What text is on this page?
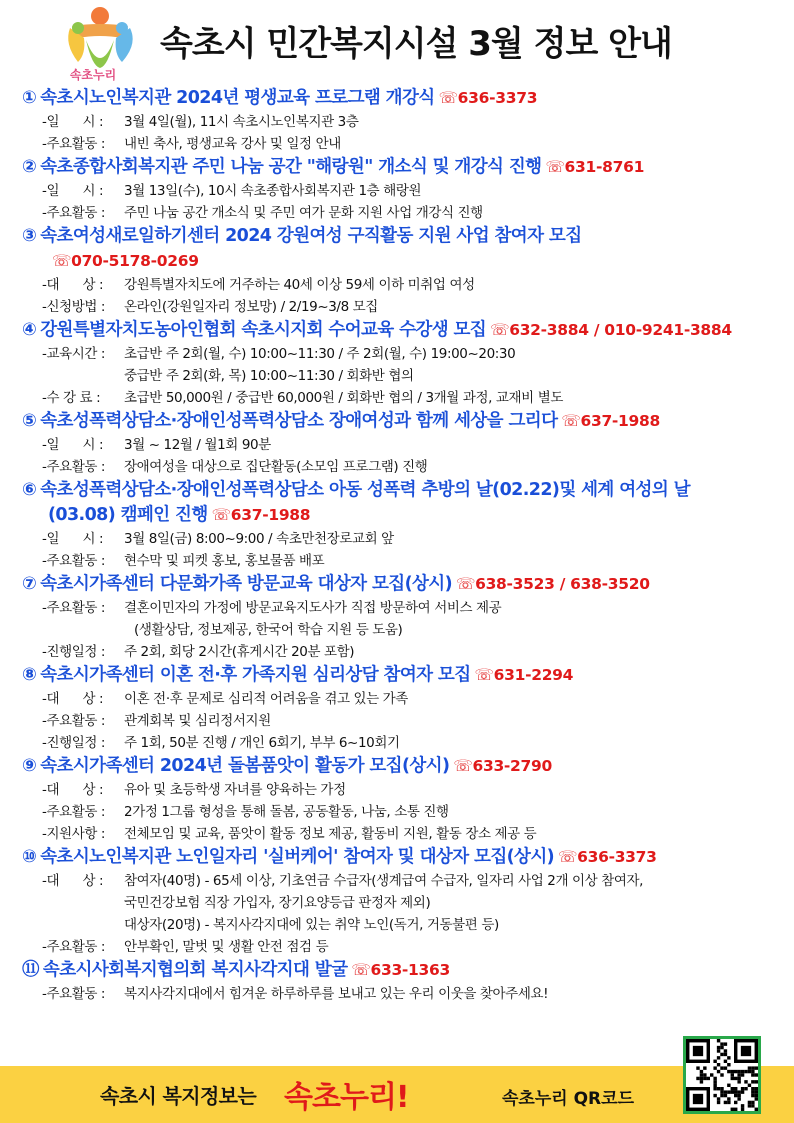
속초누리
속초시 민간복지시설 3월 정보 안내
① 속초시노인복지관 2024년 평생교육 프로그램 개강식 ☏636-3373
-일      시 :	3월 4일(월), 11시 속초시노인복지관 3층
-주요활동 :	내빈 축사, 평생교육 강사 및 일정 안내
② 속초종합사회복지관 주민 나눔 공간 "해랑원" 개소식 및 개강식 진행 ☏631-8761
-일      시 :	3월 13일(수), 10시 속초종합사회복지관 1층 해랑원
-주요활동 :	주민 나눔 공간 개소식 및 주민 여가 문화 지원 사업 개강식 진행
③ 속초여성새로일하기센터 2024 강원여성 구직활동 지원 사업 참여자 모집
☏070-5178-0269
-대      상 :	강원특별자치도에 거주하는 40세 이상 59세 이하 미취업 여성
-신청방법 :	온라인(강원일자리 정보망) / 2/19~3/8 모집
④ 강원특별자치도농아인협회 속초시지회 수어교육 수강생 모집 ☏632-3884 / 010-9241-3884
-교육시간 :	초급반 주 2회(월, 수) 10:00~11:30 / 주 2회(월, 수) 19:00~20:30
중급반 주 2회(화, 목) 10:00~11:30 / 회화반 협의
-수 강 료 :	초급반 50,000원 / 중급반 60,000원 / 회화반 협의 / 3개월 과정, 교재비 별도
⑤ 속초성폭력상담소·장애인성폭력상담소 장애여성과 함께 세상을 그리다 ☏637-1988
-일      시 :	3월 ~ 12월 / 월1회 90분
-주요활동 :	장애여성을 대상으로 집단활동(소모임 프로그램) 진행
⑥ 속초성폭력상담소·장애인성폭력상담소 아동 성폭력 추방의 날(02.22)및 세계 여성의 날
(03.08) 캠페인 진행 ☏637-1988
-일      시 :	3월 8일(금) 8:00~9:00 / 속초만천장로교회 앞
-주요활동 :	현수막 및 피켓 홍보, 홍보물품 배포
⑦ 속초시가족센터 다문화가족 방문교육 대상자 모집(상시) ☏638-3523 / 638-3520
-주요활동 :	결혼이민자의 가정에 방문교육지도사가 직접 방문하여 서비스 제공
(생활상담, 정보제공, 한국어 학습 지원 등 도움)
-진행일정 :	주 2회, 회당 2시간(휴게시간 20분 포함)
⑧ 속초시가족센터 이혼 전·후 가족지원 심리상담 참여자 모집 ☏631-2294
-대      상 :	이혼 전·후 문제로 심리적 어려움을 겪고 있는 가족
-주요활동 :	관계회복 및 심리정서지원
-진행일정 :	주 1회, 50분 진행 / 개인 6회기, 부부 6~10회기
⑨ 속초시가족센터 2024년 돌봄품앗이 활동가 모집(상시) ☏633-2790
-대      상 :	유아 및 초등학생 자녀를 양육하는 가정
-주요활동 :	2가정 1그룹 형성을 통해 돌봄, 공동활동, 나눔, 소통 진행
-지원사항 :	전체모임 및 교육, 품앗이 활동 정보 제공, 활동비 지원, 활동 장소 제공 등
⑩ 속초시노인복지관 노인일자리 '실버케어' 참여자 및 대상자 모집(상시) ☏636-3373
-대      상 :	참여자(40명) - 65세 이상, 기초연금 수급자(생계급여 수급자, 일자리 사업 2개 이상 참여자,
국민건강보험 직장 가입자, 장기요양등급 판정자 제외)
대상자(20명) - 복지사각지대에 있는 취약 노인(독거, 거동불편 등)
-주요활동 :	안부확인, 말벗 및 생활 안전 점검 등
⑪ 속초시사회복지협의회 복지사각지대 발굴 ☏633-1363
-주요활동 :	복지사각지대에서 힘겨운 하루하루를 보내고 있는 우리 이웃을 찾아주세요!
속초시 복지정보는 속초누리!	속초누리 QR코드
